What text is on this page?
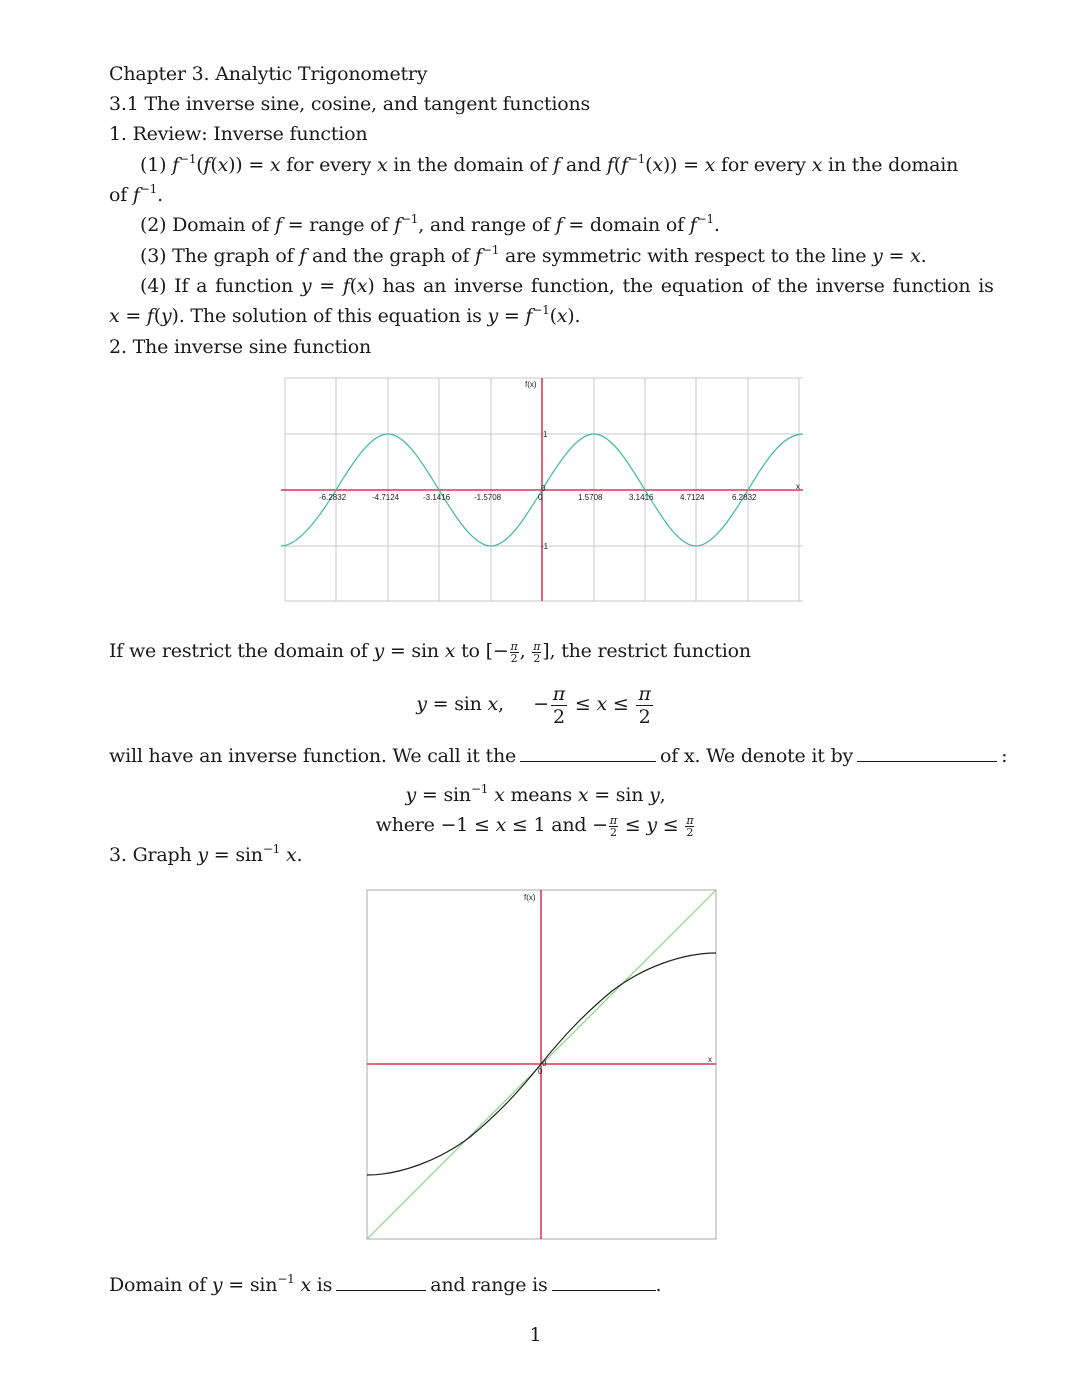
Chapter 3. Analytic Trigonometry
3.1 The inverse sine, cosine, and tangent functions
1. Review: Inverse function
(1) $f^{-1}(f(x)) = x$ for every x in the domain of f and $f(f^{-1}(x)) = x$ for every x in the domain
of $f^{-1}$.
(2) Domain of f = range of $f^{-1}$, and range of f = domain of $f^{-1}$.
(3) The graph of f and the graph of $f^{-1}$ are symmetric with respect to the line y = x.
(4) If a function y = f(x) has an inverse function, the equation of the inverse function is
x = f(y). The solution of this equation is $y = f^{-1}(x)$.
2. The inverse sine function
-6.2832	-4.7124	-3.1416	-1.5708	0	1.5708	3.1416	4.7124	6.2832
x
f(x)
1
0
-1
f(x)
x
0
0
If we restrict the domain of y = sin x to [− $\frac{\pi}{2}$ , $\frac{\pi}{2}$ ], the restrict function
y = sin x,     − $\frac{\pi}{2} \le x \le \frac{\pi}{2}$
will have an inverse function. We call it the	of x. We denote it by	:
$y = \sin^{-1} x$ means x = sin y,
where −1 ≤ x ≤ 1 and − $\frac{\pi}{2} \le y \le \frac{\pi}{2}$
3. Graph $y = \sin^{-1} x$.
Domain of $y = \sin^{-1} x$ is	and range is	.
1
